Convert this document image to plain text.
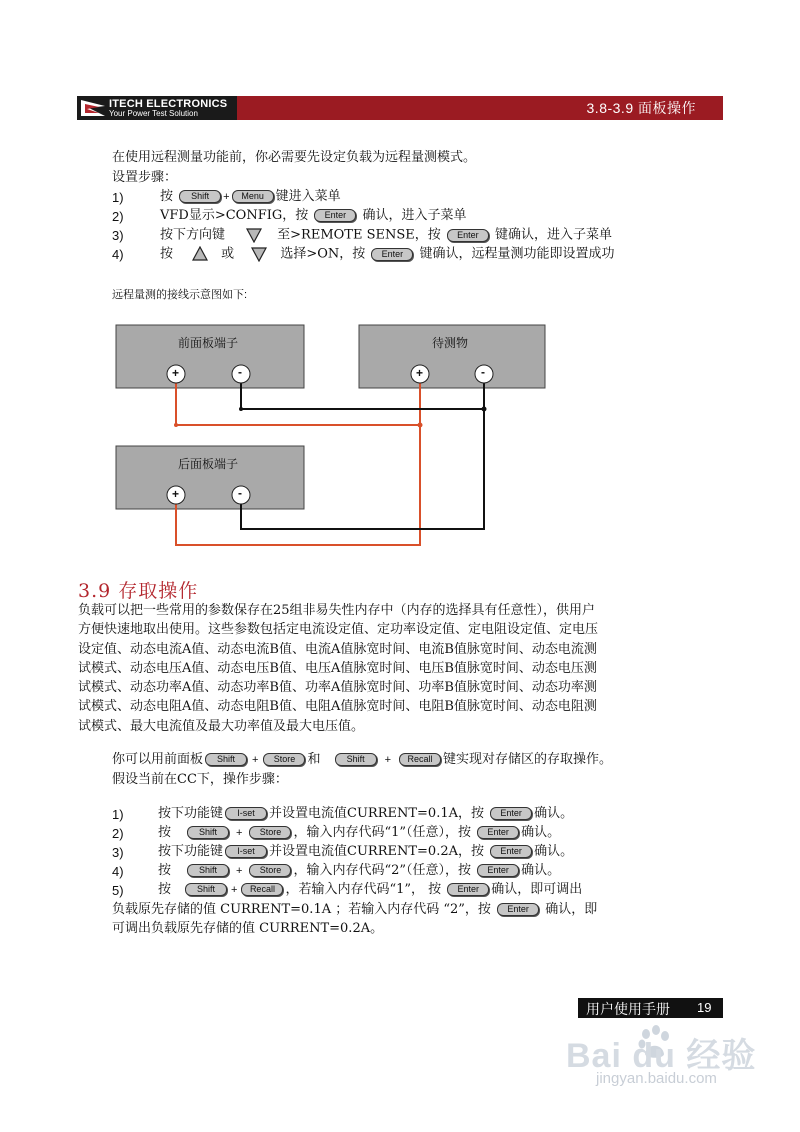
ITECH ELECTRONICS
Your Power Test Solution	3.8-3.9 面板操作
在使用远程测量功能前，你必需要先设定负载为远程量测模式。
设置步骤：
1)	按 Shift + Menu 键进入菜单
2)	VFD显示>CONFIG，按 Enter 确认，进入子菜单
3)	按下方向键	至>REMOTE SENSE，按 Enter 键确认，进入子菜单
4)	按	或	选择>ON，按 Enter 键确认，远程量测功能即设置成功
远程量测的接线示意图如下:
前面板端子	待测物
后面板端子
+	-	+	-
+	-
3.9 存取操作
负载可以把一些常用的参数保存在25组非易失性内存中（内存的选择具有任意性），供用户
方便快速地取出使用。这些参数包括定电流设定值、定功率设定值、定电阻设定值、定电压
设定值、动态电流A值、动态电流B值、电流A值脉宽时间、电流B值脉宽时间、动态电流测
试模式、动态电压A值、动态电压B值、电压A值脉宽时间、电压B值脉宽时间、动态电压测
试模式、动态功率A值、动态功率B值、功率A值脉宽时间、功率B值脉宽时间、动态功率测
试模式、动态电阻A值、动态电阻B值、电阻A值脉宽时间、电阻B值脉宽时间、动态电阻测
试模式、最大电流值及最大功率值及最大电压值。
你可以用前面板 Shift + Store 和	Shift + Recall 键实现对存储区的存取操作。
假设当前在CC下，操作步骤：
1)	按下功能键 I-set 并设置电流值CURRENT=0.1A，按 Enter 确认。
2)	按	Shift + Store ，输入内存代码“1”（任意），按 Enter 确认。
3)	按下功能键 I-set 并设置电流值CURRENT=0.2A，按 Enter 确认。
4)	按	Shift + Store ，输入内存代码“2”（任意），按 Enter 确认。
5)	按	Shift + Recall ，若输入内存代码“1”， 按 Enter 确认，即可调出
负载原先存储的值 CURRENT=0.1A ；若输入内存代码 “2”，按 Enter 确认，即
可调出负载原先存储的值 CURRENT=0.2A。
用户使用手册 19
Bai du 经验
jingyan.baidu.com
